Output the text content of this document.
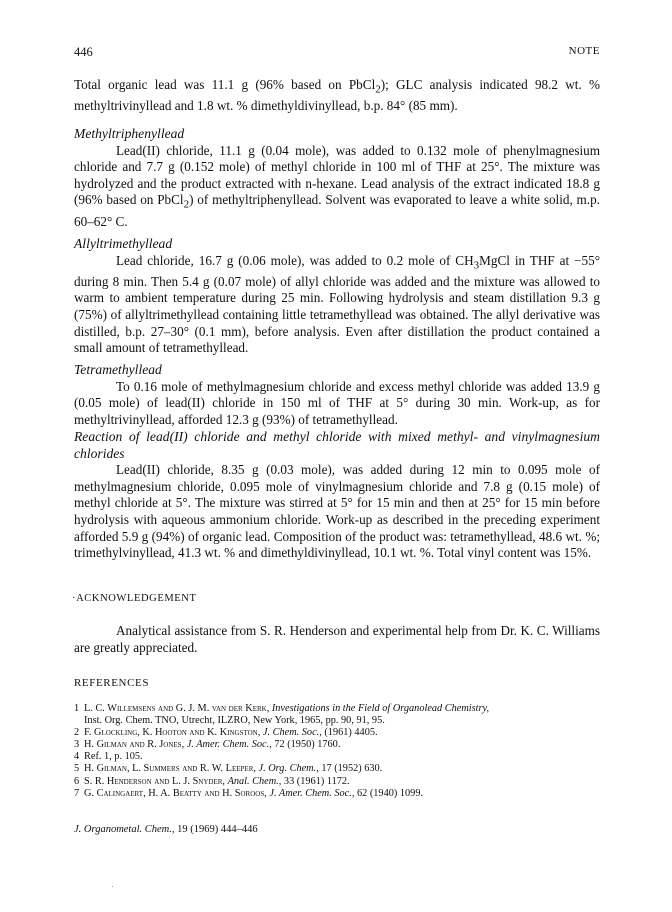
446	NOTE

Total organic lead was 11.1 g (96% based on PbCl$_2$); GLC analysis indicated 98.2 wt. % methyltrivinyllead and 1.8 wt. % dimethyldivinyllead, b.p. 84° (85 mm).

Methyltriphenyllead

Lead(II) chloride, 11.1 g (0.04 mole), was added to 0.132 mole of phenylmagnesium chloride and 7.7 g (0.152 mole) of methyl chloride in 100 ml of THF at 25°. The mixture was hydrolyzed and the product extracted with n-hexane. Lead analysis of the extract indicated 18.8 g (96% based on PbCl$_2$) of methyltriphenyllead. Solvent was evaporated to leave a white solid, m.p. 60–62° C.

Allyltrimethyllead

Lead chloride, 16.7 g (0.06 mole), was added to 0.2 mole of $CH_3MgCl$ in THF at −55° during 8 min. Then 5.4 g (0.07 mole) of allyl chloride was added and the mixture was allowed to warm to ambient temperature during 25 min. Following hydrolysis and steam distillation 9.3 g (75%) of allyltrimethyllead containing little tetramethyllead was obtained. The allyl derivative was distilled, b.p. 27–30° (0.1 mm), before analysis. Even after distillation the product contained a small amount of tetramethyllead.

Tetramethyllead

To 0.16 mole of methylmagnesium chloride and excess methyl chloride was added 13.9 g (0.05 mole) of lead(II) chloride in 150 ml of THF at 5° during 30 min. Work-up, as for methyltrivinyllead, afforded 12.3 g (93%) of tetramethyllead.

Reaction of lead(II) chloride and methyl chloride with mixed methyl- and vinylmagnesium chlorides

Lead(II) chloride, 8.35 g (0.03 mole), was added during 12 min to 0.095 mole of methylmagnesium chloride, 0.095 mole of vinylmagnesium chloride and 7.8 g (0.15 mole) of methyl chloride at 5°. The mixture was stirred at 5° for 15 min and then at 25° for 15 min before hydrolysis with aqueous ammonium chloride. Work-up as described in the preceding experiment afforded 5.9 g (94%) of organic lead. Composition of the product was: tetramethyllead, 48.6 wt. %; trimethylvinyllead, 41.3 wt. % and dimethyldivinyllead, 10.1 wt. %. Total vinyl content was 15%.

·ACKNOWLEDGEMENT

Analytical assistance from S. R. Henderson and experimental help from Dr. K. C. Williams are greatly appreciated.

REFERENCES

1 L. C. Willemsens and G. J. M. van der Kerk, Investigations in the Field of Organolead Chemistry,
Inst. Org. Chem. TNO, Utrecht, ILZRO, New York, 1965, pp. 90, 91, 95.

2 F. Glockling, K. Hooton and K. Kingston, J. Chem. Soc., (1961) 4405.

3 H. Gilman and R. Jones, J. Amer. Chem. Soc., 72 (1950) 1760.

4 Ref. 1, p. 105.

5 H. Gilman, L. Summers and R. W. Leeper, J. Org. Chem., 17 (1952) 630.

6 S. R. Henderson and L. J. Snyder, Anal. Chem., 33 (1961) 1172.

7 G. Calingaert, H. A. Beatty and H. Soroos, J. Amer. Chem. Soc., 62 (1940) 1099.

J. Organometal. Chem., 19 (1969) 444–446
